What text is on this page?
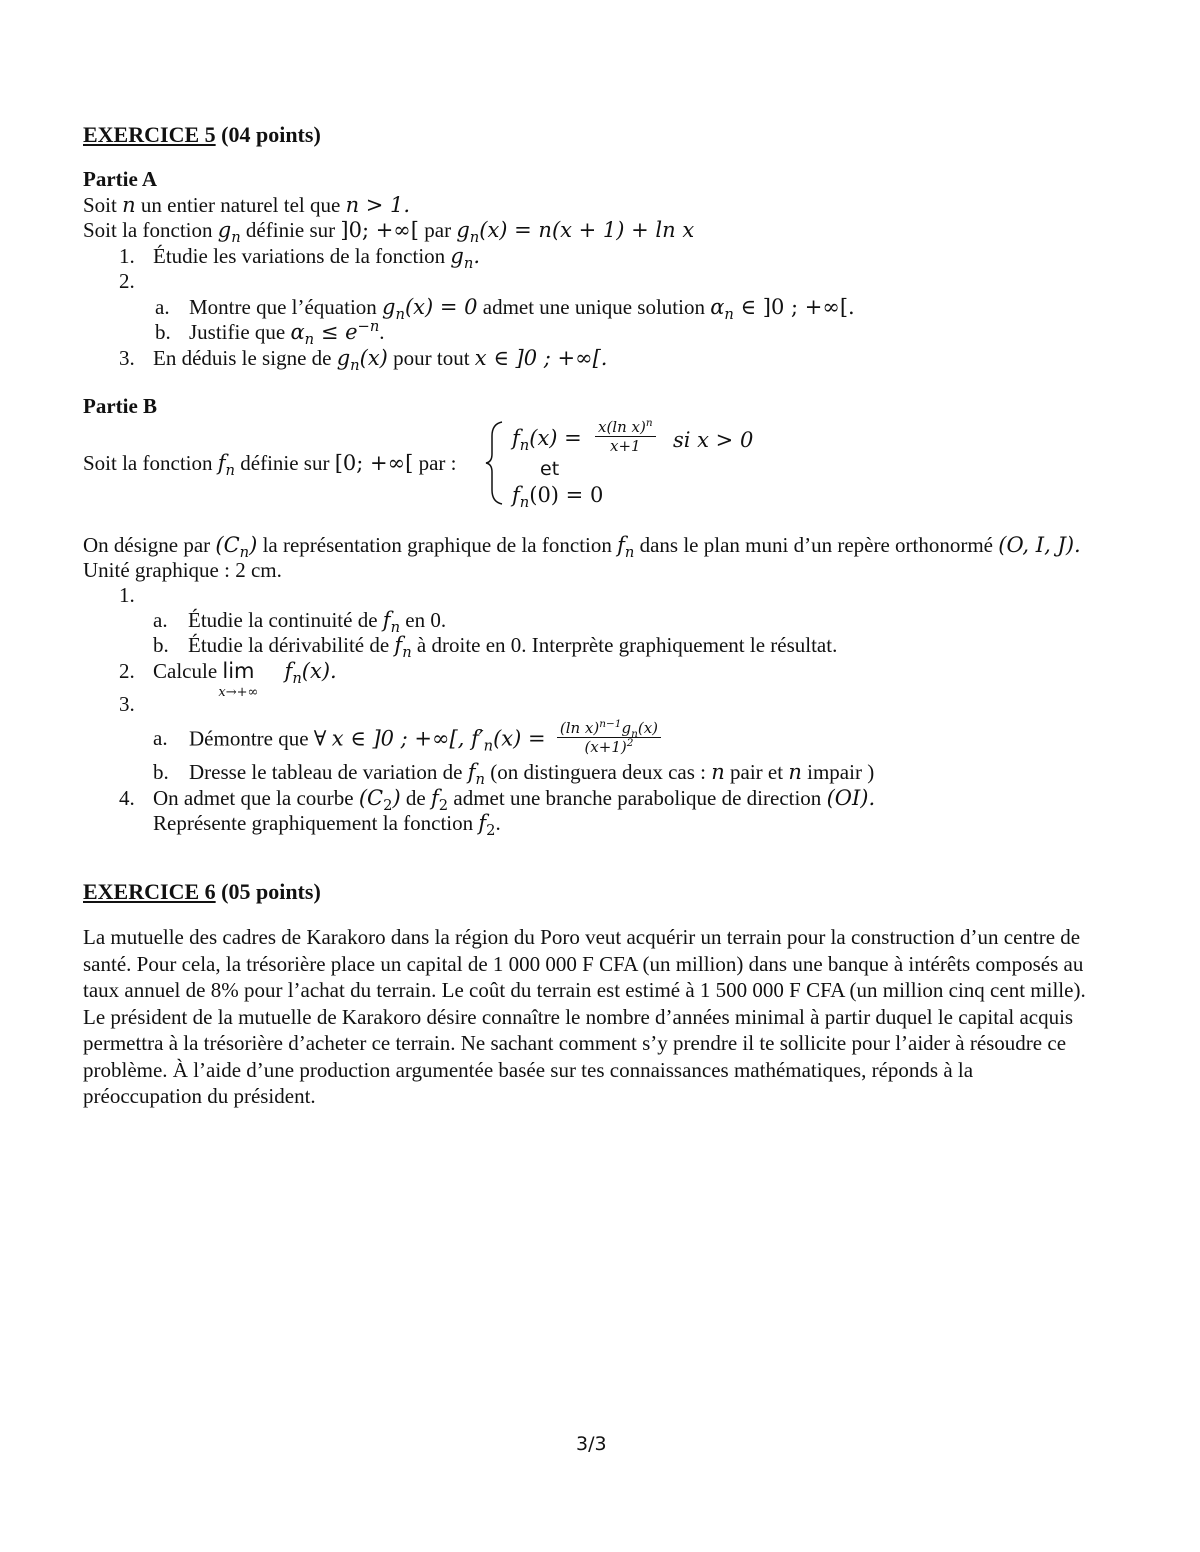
EXERCICE 5 (04 points)
Partie A
Soit n un entier naturel tel que n > 1.
Soit la fonction $g_n$ définie sur ]0; +∞[ par $g_n(x) = n(x + 1) + \ln x$
1. Étudie les variations de la fonction $g_n$.
2.
a. Montre que l’équation $g_n(x) = 0$ admet une unique solution $\alpha_n$ ∈ ]0 ; +∞[.
b. Justifie que $\alpha_n \le e^{-n}$.
3. En déduis le signe de $g_n(x)$ pour tout x ∈ ]0 ; +∞[.
Partie B
Soit la fonction $f_n$ définie sur [0; +∞[ par :
$f_n(x) = \frac{x(\ln x)^n}{x+1}$ si x > 0
et
$f_n(0) = 0$
On désigne par $(C_n)$ la représentation graphique de la fonction $f_n$ dans le plan muni d’un repère orthonormé (O, I, J).
Unité graphique : 2 cm.
1.
a. Étudie la continuité de $f_n$ en 0.
b. Étudie la dérivabilité de $f_n$ à droite en 0. Interprète graphiquement le résultat.
2. Calcule lim
x→+∞
$f_n(x)$.
3.
a. Démontre que ∀ x ∈ ]0 ; +∞[, $f'_n(x) = \frac{(\ln x)^{n-1}g_n(x)}{(x+1)^2}$
b. Dresse le tableau de variation de $f_n$ (on distinguera deux cas : n pair et n impair )
4. On admet que la courbe $(C_2)$ de $f_2$ admet une branche parabolique de direction (OI).
Représente graphiquement la fonction $f_2$.
EXERCICE 6 (05 points)
La mutuelle des cadres de Karakoro dans la région du Poro veut acquérir un terrain pour la construction d’un centre de santé. Pour cela, la trésorière place un capital de 1 000 000 F CFA (un million) dans une banque à intérêts composés au taux annuel de 8% pour l’achat du terrain. Le coût du terrain est estimé à 1 500 000 F CFA (un million cinq cent mille). Le président de la mutuelle de Karakoro désire connaître le nombre d’années minimal à partir duquel le capital acquis permettra à la trésorière d’acheter ce terrain. Ne sachant comment s’y prendre il te sollicite pour l’aider à résoudre ce problème. À l’aide d’une production argumentée basée sur tes connaissances mathématiques, réponds à la préoccupation du président.
3/3
